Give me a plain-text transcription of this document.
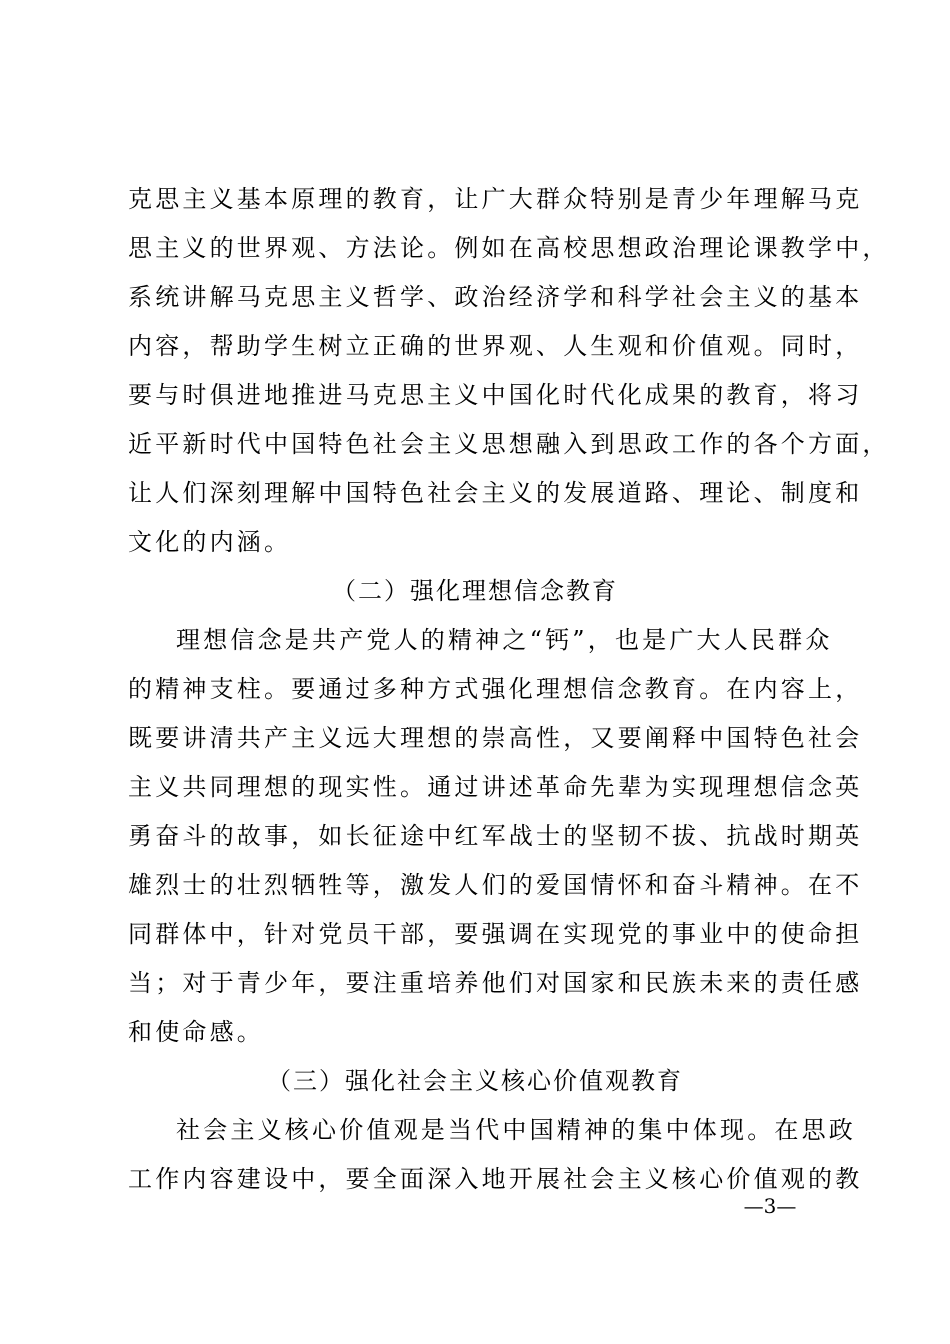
克思主义基本原理的教育，让广大群众特别是青少年理解马克
思主义的世界观、方法论。例如在高校思想政治理论课教学中，
系统讲解马克思主义哲学、政治经济学和科学社会主义的基本
内容，帮助学生树立正确的世界观、人生观和价值观。同时，
要与时俱进地推进马克思主义中国化时代化成果的教育，将习
近平新时代中国特色社会主义思想融入到思政工作的各个方面，
让人们深刻理解中国特色社会主义的发展道路、理论、制度和
文化的内涵。
（二）强化理想信念教育
理想信念是共产党人的精神之“钙”，也是广大人民群众
的精神支柱。要通过多种方式强化理想信念教育。在内容上，
既要讲清共产主义远大理想的崇高性，又要阐释中国特色社会
主义共同理想的现实性。通过讲述革命先辈为实现理想信念英
勇奋斗的故事，如长征途中红军战士的坚韧不拔、抗战时期英
雄烈士的壮烈牺牲等，激发人们的爱国情怀和奋斗精神。在不
同群体中，针对党员干部，要强调在实现党的事业中的使命担
当；对于青少年，要注重培养他们对国家和民族未来的责任感
和使命感。
（三）强化社会主义核心价值观教育
社会主义核心价值观是当代中国精神的集中体现。在思政
工作内容建设中，要全面深入地开展社会主义核心价值观的教
—3—
